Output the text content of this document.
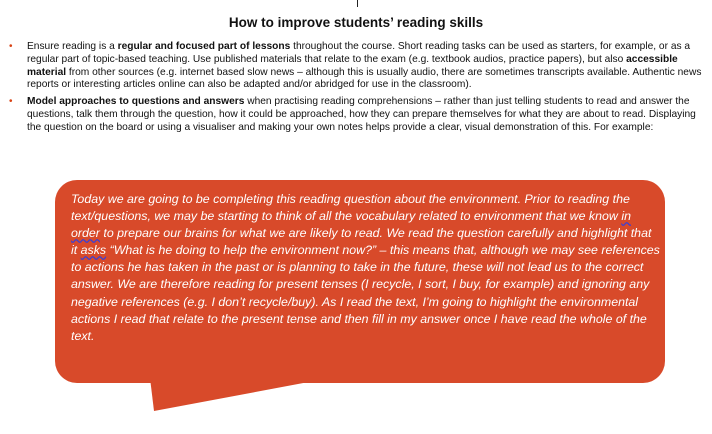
How to improve students’ reading skills
• Ensure reading is a regular and focused part of lessons throughout the course. Short reading tasks can be used as starters, for example, or as a regular part of topic-based teaching. Use published materials that relate to the exam (e.g. textbook audios, practice papers), but also accessible material from other sources (e.g. internet based slow news – although this is usually audio, there are sometimes transcripts available. Authentic news reports or interesting articles online can also be adapted and/or abridged for use in the classroom).
• Model approaches to questions and answers when practising reading comprehensions – rather than just telling students to read and answer the questions, talk them through the question, how it could be approached, how they can prepare themselves for what they are about to read. Displaying the question on the board or using a visualiser and making your own notes helps provide a clear, visual demonstration of this. For example:
Today we are going to be completing this reading question about the environment. Prior to reading the text/questions, we may be starting to think of all the vocabulary related to environment that we know in order to prepare our brains for what we are likely to read. We read the question carefully and highlight that it asks “What is he doing to help the environment now?” – this means that, although we may see references to actions he has taken in the past or is planning to take in the future, these will not lead us to the correct answer. We are therefore reading for present tenses (I recycle, I sort, I buy, for example) and ignoring any negative references (e.g. I don’t recycle/buy). As I read the text, I’m going to highlight the environmental actions I read that relate to the present tense and then fill in my answer once I have read the whole of the text.
